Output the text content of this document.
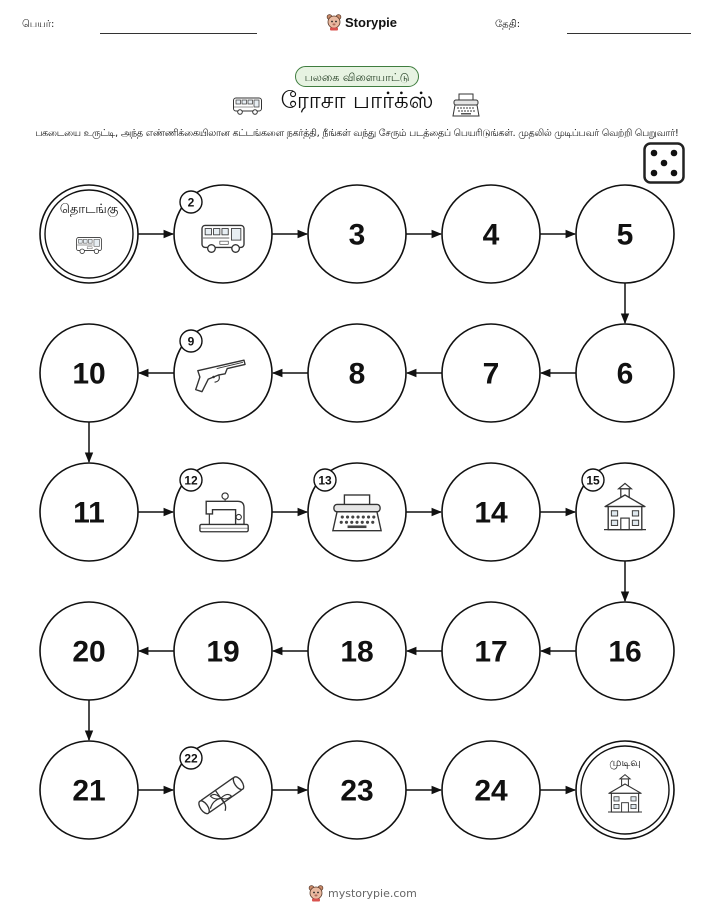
பெயர்:	Storypie	தேதி:
பலகை விளையாட்டு
ரோசா பார்க்ஸ்
பகடையை உருட்டி, அந்த எண்ணிக்கையிலான கட்டங்களை நகர்த்தி, நீங்கள் வந்து சேரும் படத்தைப் பெயரிடுங்கள். முதலில் முடிப்பவர் வெற்றி பெறுவார்!
தொடங்கு	2
3	4	5
6
7
8
9
10
11
12	13
14
15
16
17
18
19
20
21
22
23	24
முடிவு
mystorypie.com
